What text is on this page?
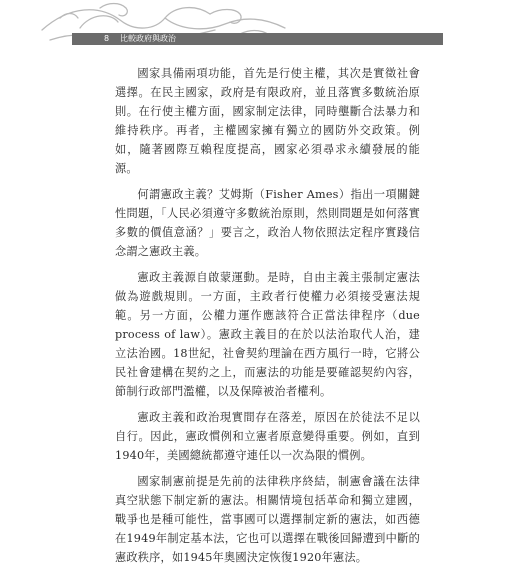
8 比較政府與政治

國家具備兩項功能，首先是行使主權，其次是實徵社會選擇。在民主國家，政府是有限政府，並且落實多數統治原則。在行使主權方面，國家制定法律，同時壟斷合法暴力和維持秩序。再者，主權國家擁有獨立的國防外交政策。例如，隨著國際互賴程度提高，國家必須尋求永續發展的能源。

何謂憲政主義？艾姆斯（Fisher Ames）指出一項關鍵性問題，「人民必須遵守多數統治原則，然則問題是如何落實多數的價值意涵？」要言之，政治人物依照法定程序實踐信念謂之憲政主義。

憲政主義源自啟蒙運動。是時，自由主義主張制定憲法做為遊戲規則。一方面，主政者行使權力必須接受憲法規範。另一方面，公權力運作應該符合正當法律程序（due process of law）。憲政主義目的在於以法治取代人治，建立法治國。18世紀，社會契約理論在西方風行一時，它將公民社會建構在契約之上，而憲法的功能是要確認契約內容，節制行政部門濫權，以及保障被治者權利。

憲政主義和政治現實間存在落差，原因在於徒法不足以自行。因此，憲政慣例和立憲者原意變得重要。例如，直到1940年，美國總統都遵守連任以一次為限的慣例。

國家制憲前提是先前的法律秩序終結，制憲會議在法律真空狀態下制定新的憲法。相關情境包括革命和獨立建國，戰爭也是種可能性，當事國可以選擇制定新的憲法，如西德在1949年制定基本法，它也可以選擇在戰後回歸遭到中斷的憲政秩序，如1945年奧國決定恢復1920年憲法。
